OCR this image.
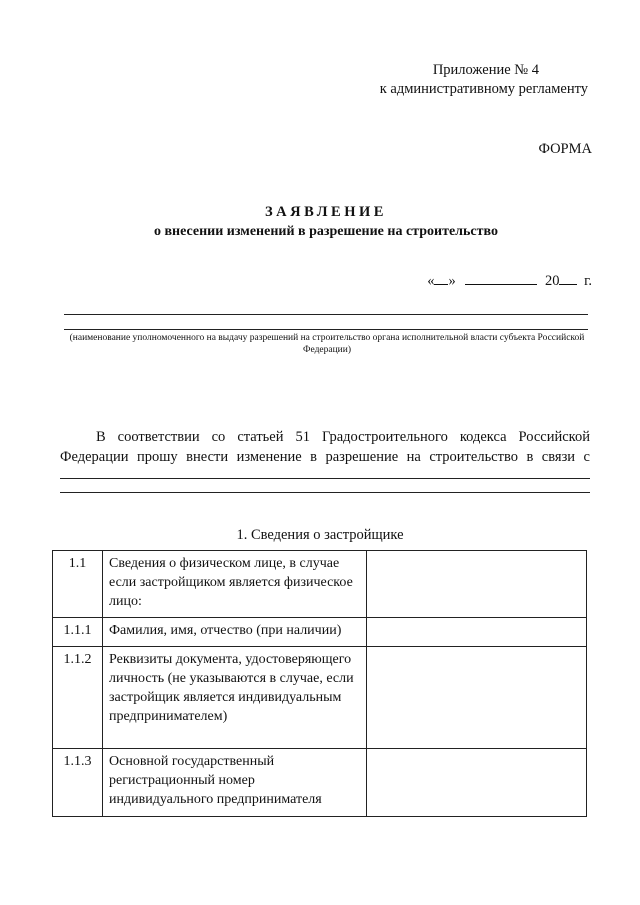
Приложение № 4
к административному регламенту
ФОРМА
ЗАЯВЛЕНИЕ
о внесении изменений в разрешение на строительство
« »	20 г.
(наименование уполномоченного на выдачу разрешений на строительство органа исполнительной власти субъекта Российской Федерации)
В соответствии со статьей 51 Градостроительного кодекса Российской Федерации прошу внести изменение в разрешение на строительство в связи с
1. Сведения о застройщике
1.1	Сведения о физическом лице, в случае если застройщиком является физическое лицо:	
1.1.1	Фамилия, имя, отчество (при наличии)	
1.1.2	Реквизиты документа, удостоверяющего личность (не указываются в случае, если застройщик является индивидуальным предпринимателем)	
1.1.3	Основной государственный регистрационный номер индивидуального предпринимателя	
